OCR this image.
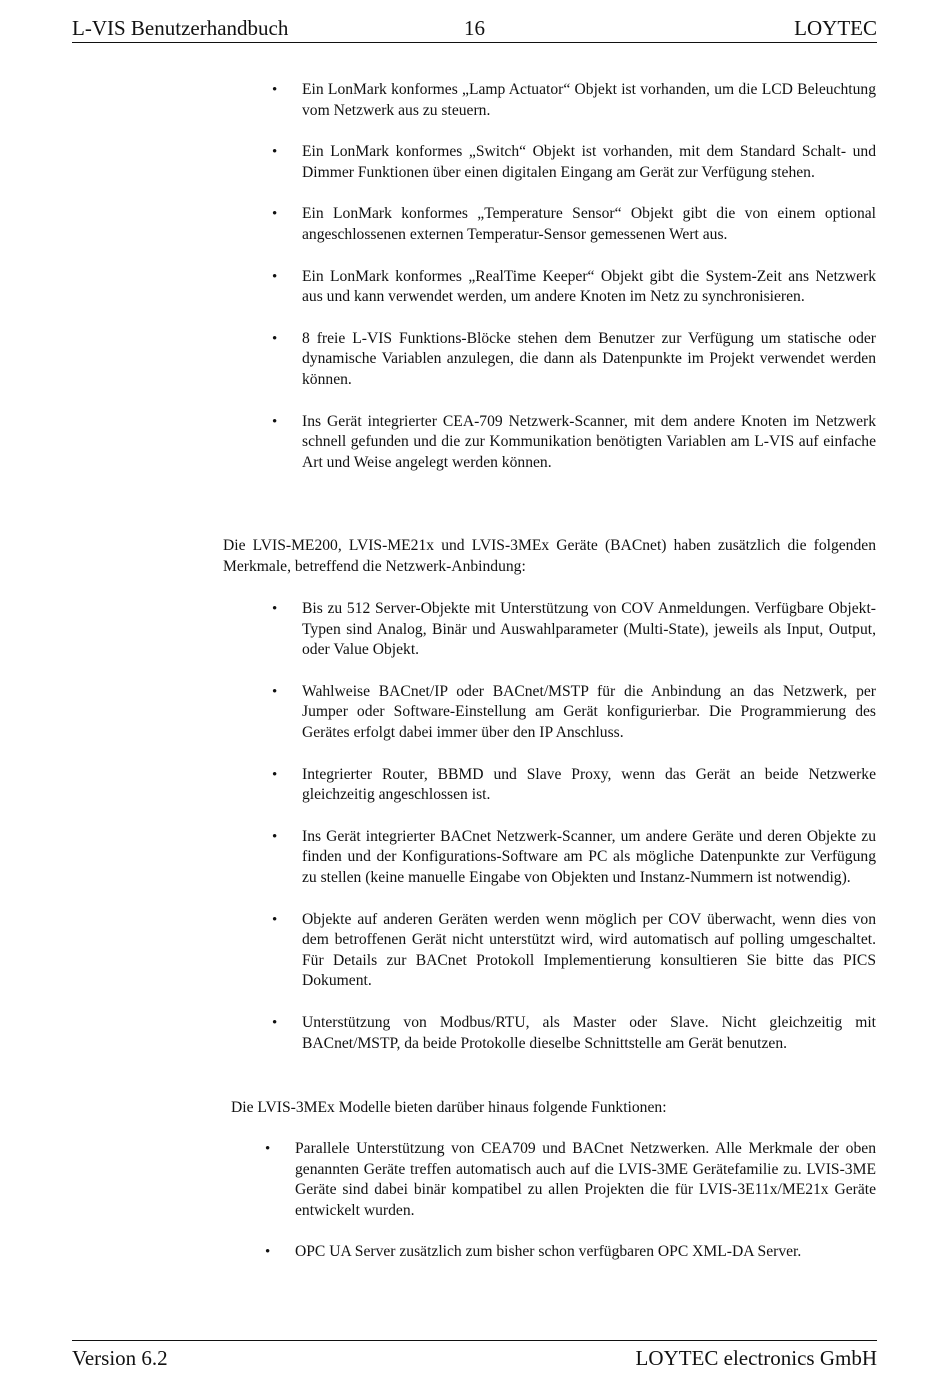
L-VIS Benutzerhandbuch	16	LOYTEC
• Ein LonMark konformes „Lamp Actuator“ Objekt ist vorhanden, um die LCD Beleuchtung vom Netzwerk aus zu steuern.
• Ein LonMark konformes „Switch“ Objekt ist vorhanden, mit dem Standard Schalt- und Dimmer Funktionen über einen digitalen Eingang am Gerät zur Verfügung stehen.
• Ein LonMark konformes „Temperature Sensor“ Objekt gibt die von einem optional angeschlossenen externen Temperatur-Sensor gemessenen Wert aus.
• Ein LonMark konformes „RealTime Keeper“ Objekt gibt die System-Zeit ans Netzwerk aus und kann verwendet werden, um andere Knoten im Netz zu synchronisieren.
• 8 freie L-VIS Funktions-Blöcke stehen dem Benutzer zur Verfügung um statische oder dynamische Variablen anzulegen, die dann als Datenpunkte im Projekt verwendet werden können.
• Ins Gerät integrierter CEA-709 Netzwerk-Scanner, mit dem andere Knoten im Netzwerk schnell gefunden und die zur Kommunikation benötigten Variablen am L-VIS auf einfache Art und Weise angelegt werden können.

Die LVIS-ME200, LVIS-ME21x und LVIS-3MEx Geräte (BACnet) haben zusätzlich die folgenden Merkmale, betreffend die Netzwerk-Anbindung:

• Bis zu 512 Server-Objekte mit Unterstützung von COV Anmeldungen. Verfügbare Objekt-Typen sind Analog, Binär und Auswahlparameter (Multi-State), jeweils als Input, Output, oder Value Objekt.
• Wahlweise BACnet/IP oder BACnet/MSTP für die Anbindung an das Netzwerk, per Jumper oder Software-Einstellung am Gerät konfigurierbar. Die Programmierung des Gerätes erfolgt dabei immer über den IP Anschluss.
• Integrierter Router, BBMD und Slave Proxy, wenn das Gerät an beide Netzwerke gleichzeitig angeschlossen ist.
• Ins Gerät integrierter BACnet Netzwerk-Scanner, um andere Geräte und deren Objekte zu finden und der Konfigurations-Software am PC als mögliche Datenpunkte zur Verfügung zu stellen (keine manuelle Eingabe von Objekten und Instanz-Nummern ist notwendig).
• Objekte auf anderen Geräten werden wenn möglich per COV überwacht, wenn dies von dem betroffenen Gerät nicht unterstützt wird, wird automatisch auf polling umgeschaltet. Für Details zur BACnet Protokoll Implementierung konsultieren Sie bitte das PICS Dokument.
• Unterstützung von Modbus/RTU, als Master oder Slave. Nicht gleichzeitig mit BACnet/MSTP, da beide Protokolle dieselbe Schnittstelle am Gerät benutzen.

Die LVIS-3MEx Modelle bieten darüber hinaus folgende Funktionen:

• Parallele Unterstützung von CEA709 und BACnet Netzwerken. Alle Merkmale der oben genannten Geräte treffen automatisch auch auf die LVIS-3ME Gerätefamilie zu. LVIS-3ME Geräte sind dabei binär kompatibel zu allen Projekten die für LVIS-3E11x/ME21x Geräte entwickelt wurden.
• OPC UA Server zusätzlich zum bisher schon verfügbaren OPC XML-DA Server.
Version 6.2	LOYTEC electronics GmbH
